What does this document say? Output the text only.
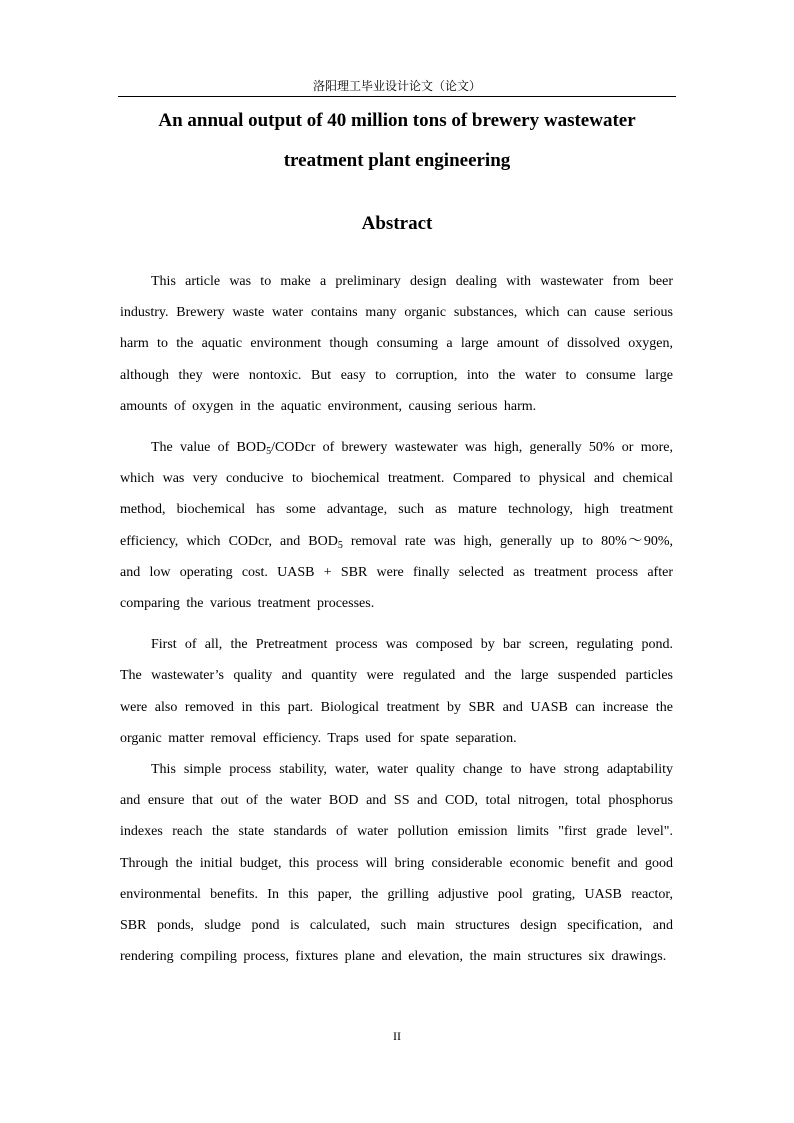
洛阳理工毕业设计论文（论文）
An annual output of 40 million tons of brewery wastewater
treatment plant engineering
Abstract

This article was to make a preliminary design dealing with wastewater from beer industry. Brewery waste water contains many organic substances, which can cause serious harm to the aquatic environment though consuming a large amount of dissolved oxygen, although they were nontoxic. But easy to corruption, into the water to consume large amounts of oxygen in the aquatic environment, causing serious harm.

The value of $BOD_5$/CODcr of brewery wastewater was high, generally 50% or more, which was very conducive to biochemical treatment. Compared to physical and chemical method, biochemical has some advantage, such as mature technology, high treatment efficiency, which CODcr, and $BOD_5$ removal rate was high, generally up to 80%～90%, and low operating cost. UASB + SBR were finally selected as treatment process after comparing the various treatment processes.

First of all, the Pretreatment process was composed by bar screen, regulating pond. The wastewater’s quality and quantity were regulated and the large suspended particles were also removed in this part. Biological treatment by SBR and UASB can increase the organic matter removal efficiency. Traps used for spate separation.

This simple process stability, water, water quality change to have strong adaptability and ensure that out of the water BOD and SS and COD, total nitrogen, total phosphorus indexes reach the state standards of water pollution emission limits "first grade level". Through the initial budget, this process will bring considerable economic benefit and good environmental benefits. In this paper, the grilling adjustive pool grating, UASB reactor, SBR ponds, sludge pond is calculated, such main structures design specification, and rendering compiling process, fixtures plane and elevation, the main structures six drawings.

II
